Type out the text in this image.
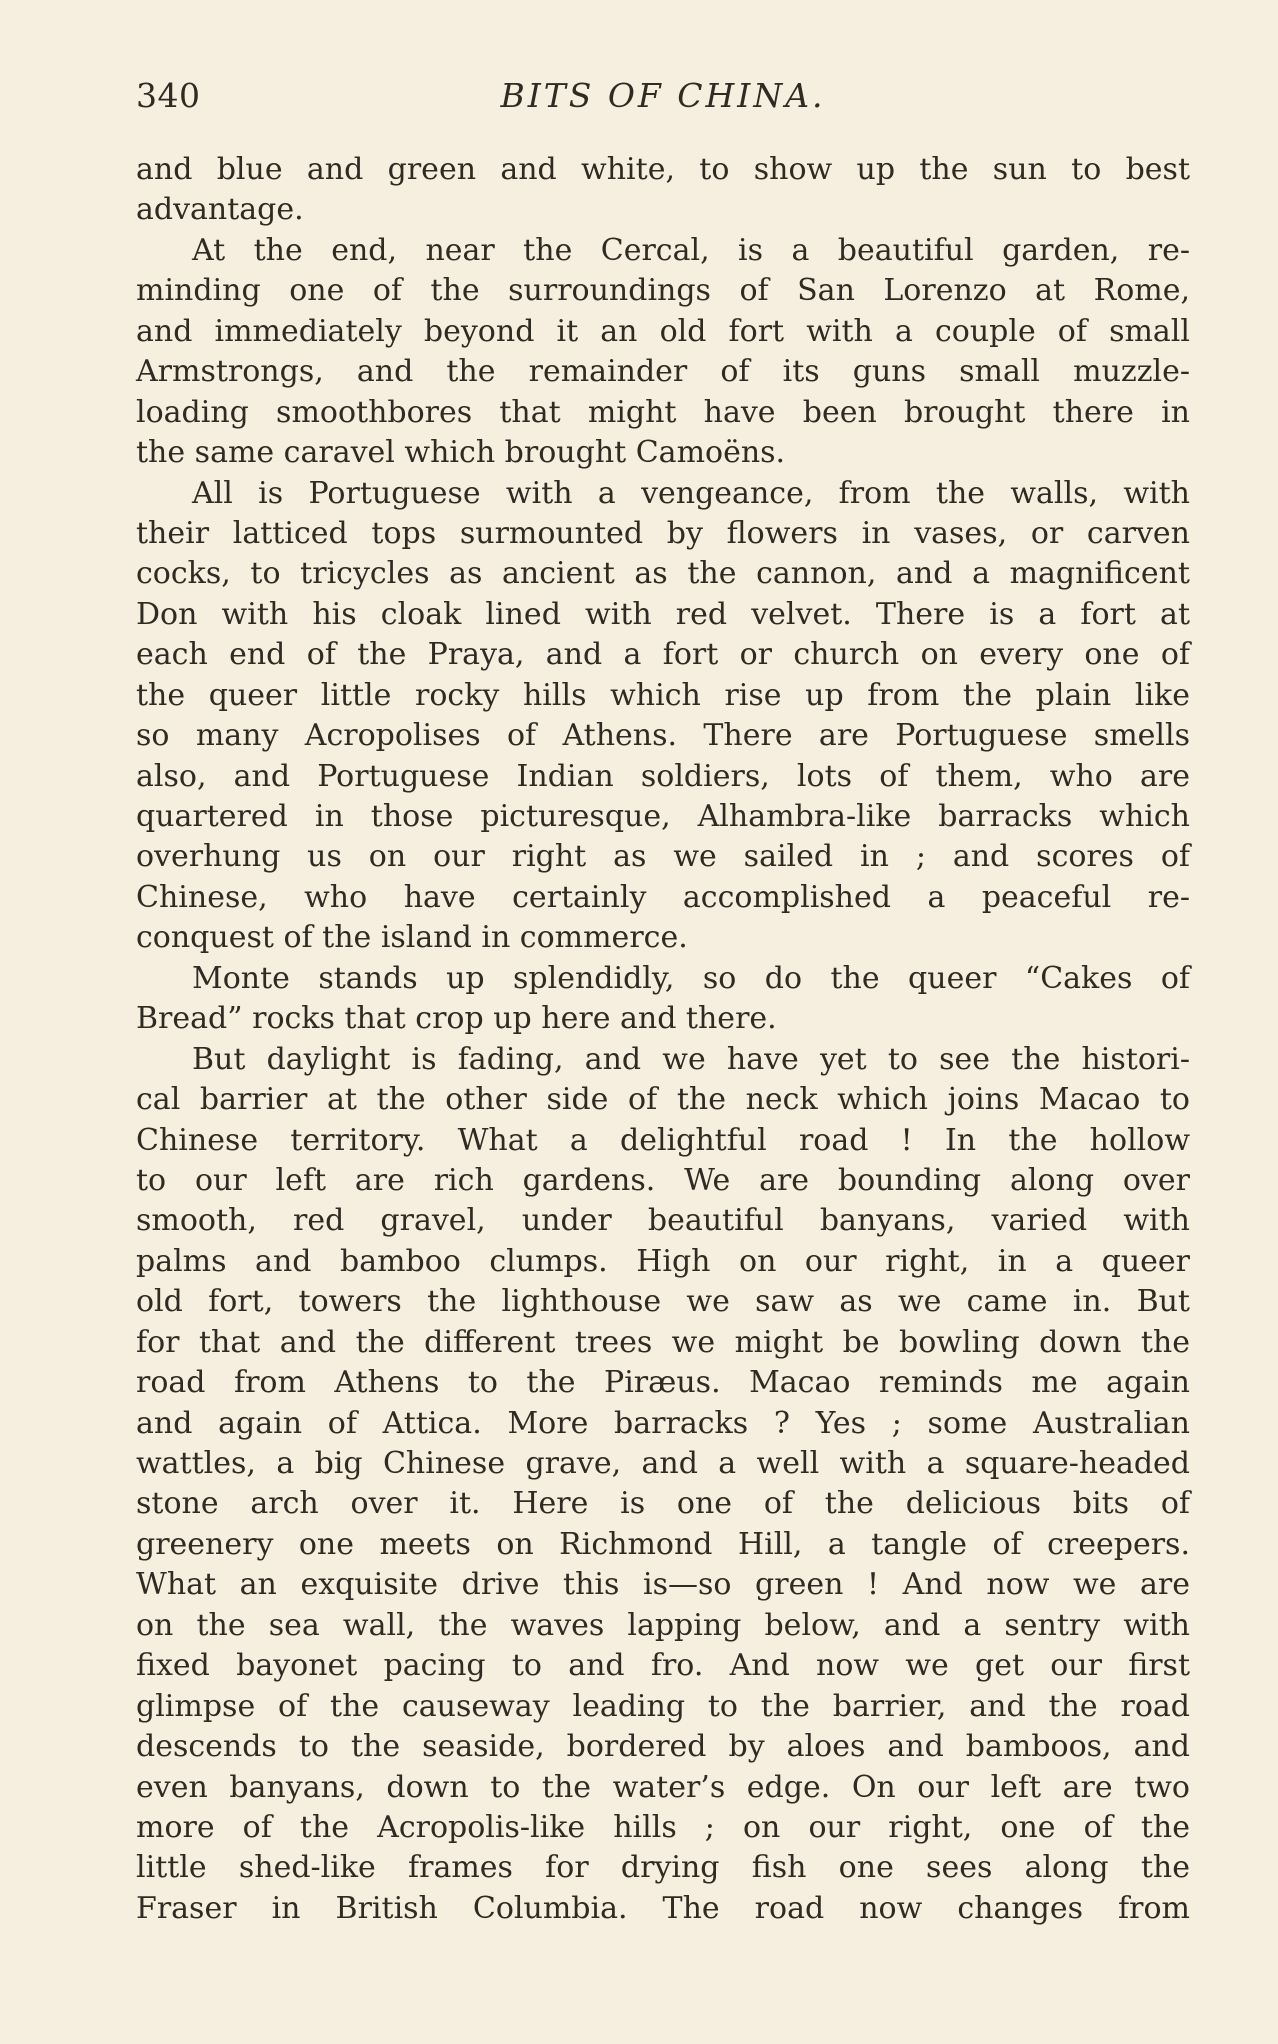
340	BITS OF CHINA.
and blue and green and white, to show up the sun to best
advantage.
At the end, near the Cercal, is a beautiful garden, re-
minding one of the surroundings of San Lorenzo at Rome,
and immediately beyond it an old fort with a couple of small
Armstrongs, and the remainder of its guns small muzzle-
loading smoothbores that might have been brought there in
the same caravel which brought Camoëns.
All is Portuguese with a vengeance, from the walls, with
their latticed tops surmounted by flowers in vases, or carven
cocks, to tricycles as ancient as the cannon, and a magnificent
Don with his cloak lined with red velvet. There is a fort at
each end of the Praya, and a fort or church on every one of
the queer little rocky hills which rise up from the plain like
so many Acropolises of Athens. There are Portuguese smells
also, and Portuguese Indian soldiers, lots of them, who are
quartered in those picturesque, Alhambra-like barracks which
overhung us on our right as we sailed in ; and scores of
Chinese, who have certainly accomplished a peaceful re-
conquest of the island in commerce.
Monte stands up splendidly, so do the queer “Cakes of
Bread” rocks that crop up here and there.
But daylight is fading, and we have yet to see the histori-
cal barrier at the other side of the neck which joins Macao to
Chinese territory. What a delightful road ! In the hollow
to our left are rich gardens. We are bounding along over
smooth, red gravel, under beautiful banyans, varied with
palms and bamboo clumps. High on our right, in a queer
old fort, towers the lighthouse we saw as we came in. But
for that and the different trees we might be bowling down the
road from Athens to the Piræus. Macao reminds me again
and again of Attica. More barracks ? Yes ; some Australian
wattles, a big Chinese grave, and a well with a square-headed
stone arch over it. Here is one of the delicious bits of
greenery one meets on Richmond Hill, a tangle of creepers.
What an exquisite drive this is—so green ! And now we are
on the sea wall, the waves lapping below, and a sentry with
fixed bayonet pacing to and fro. And now we get our first
glimpse of the causeway leading to the barrier, and the road
descends to the seaside, bordered by aloes and bamboos, and
even banyans, down to the water’s edge. On our left are two
more of the Acropolis-like hills ; on our right, one of the
little shed-like frames for drying fish one sees along the
Fraser in British Columbia. The road now changes from
